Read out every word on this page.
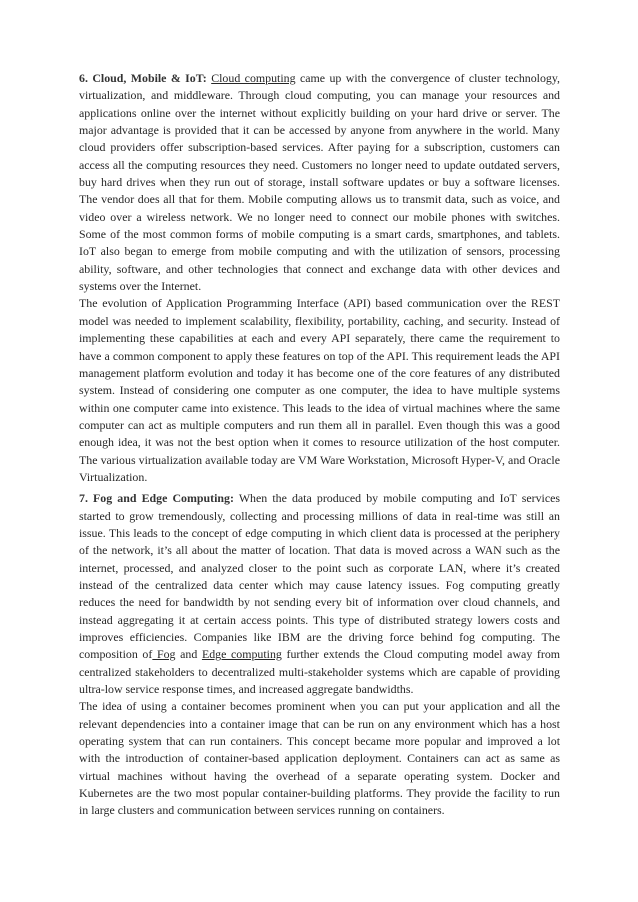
6. Cloud, Mobile & IoT: Cloud computing came up with the convergence of cluster technology, virtualization, and middleware. Through cloud computing, you can manage your resources and applications online over the internet without explicitly building on your hard drive or server. The major advantage is provided that it can be accessed by anyone from anywhere in the world. Many cloud providers offer subscription-based services. After paying for a subscription, customers can access all the computing resources they need. Customers no longer need to update outdated servers, buy hard drives when they run out of storage, install software updates or buy a software licenses. The vendor does all that for them. Mobile computing allows us to transmit data, such as voice, and video over a wireless network. We no longer need to connect our mobile phones with switches. Some of the most common forms of mobile computing is a smart cards, smartphones, and tablets. IoT also began to emerge from mobile computing and with the utilization of sensors, processing ability, software, and other technologies that connect and exchange data with other devices and systems over the Internet.

The evolution of Application Programming Interface (API) based communication over the REST model was needed to implement scalability, flexibility, portability, caching, and security. Instead of implementing these capabilities at each and every API separately, there came the requirement to have a common component to apply these features on top of the API. This requirement leads the API management platform evolution and today it has become one of the core features of any distributed system. Instead of considering one computer as one computer, the idea to have multiple systems within one computer came into existence. This leads to the idea of virtual machines where the same computer can act as multiple computers and run them all in parallel. Even though this was a good enough idea, it was not the best option when it comes to resource utilization of the host computer. The various virtualization available today are VM Ware Workstation, Microsoft Hyper-V, and Oracle Virtualization.

7. Fog and Edge Computing: When the data produced by mobile computing and IoT services started to grow tremendously, collecting and processing millions of data in real-time was still an issue. This leads to the concept of edge computing in which client data is processed at the periphery of the network, it’s all about the matter of location. That data is moved across a WAN such as the internet, processed, and analyzed closer to the point such as corporate LAN, where it’s created instead of the centralized data center which may cause latency issues. Fog computing greatly reduces the need for bandwidth by not sending every bit of information over cloud channels, and instead aggregating it at certain access points. This type of distributed strategy lowers costs and improves efficiencies. Companies like IBM are the driving force behind fog computing. The composition of Fog and Edge computing further extends the Cloud computing model away from centralized stakeholders to decentralized multi-stakeholder systems which are capable of providing ultra-low service response times, and increased aggregate bandwidths.

The idea of using a container becomes prominent when you can put your application and all the relevant dependencies into a container image that can be run on any environment which has a host operating system that can run containers. This concept became more popular and improved a lot with the introduction of container-based application deployment. Containers can act as same as virtual machines without having the overhead of a separate operating system. Docker and Kubernetes are the two most popular container-building platforms. They provide the facility to run in large clusters and communication between services running on containers.
